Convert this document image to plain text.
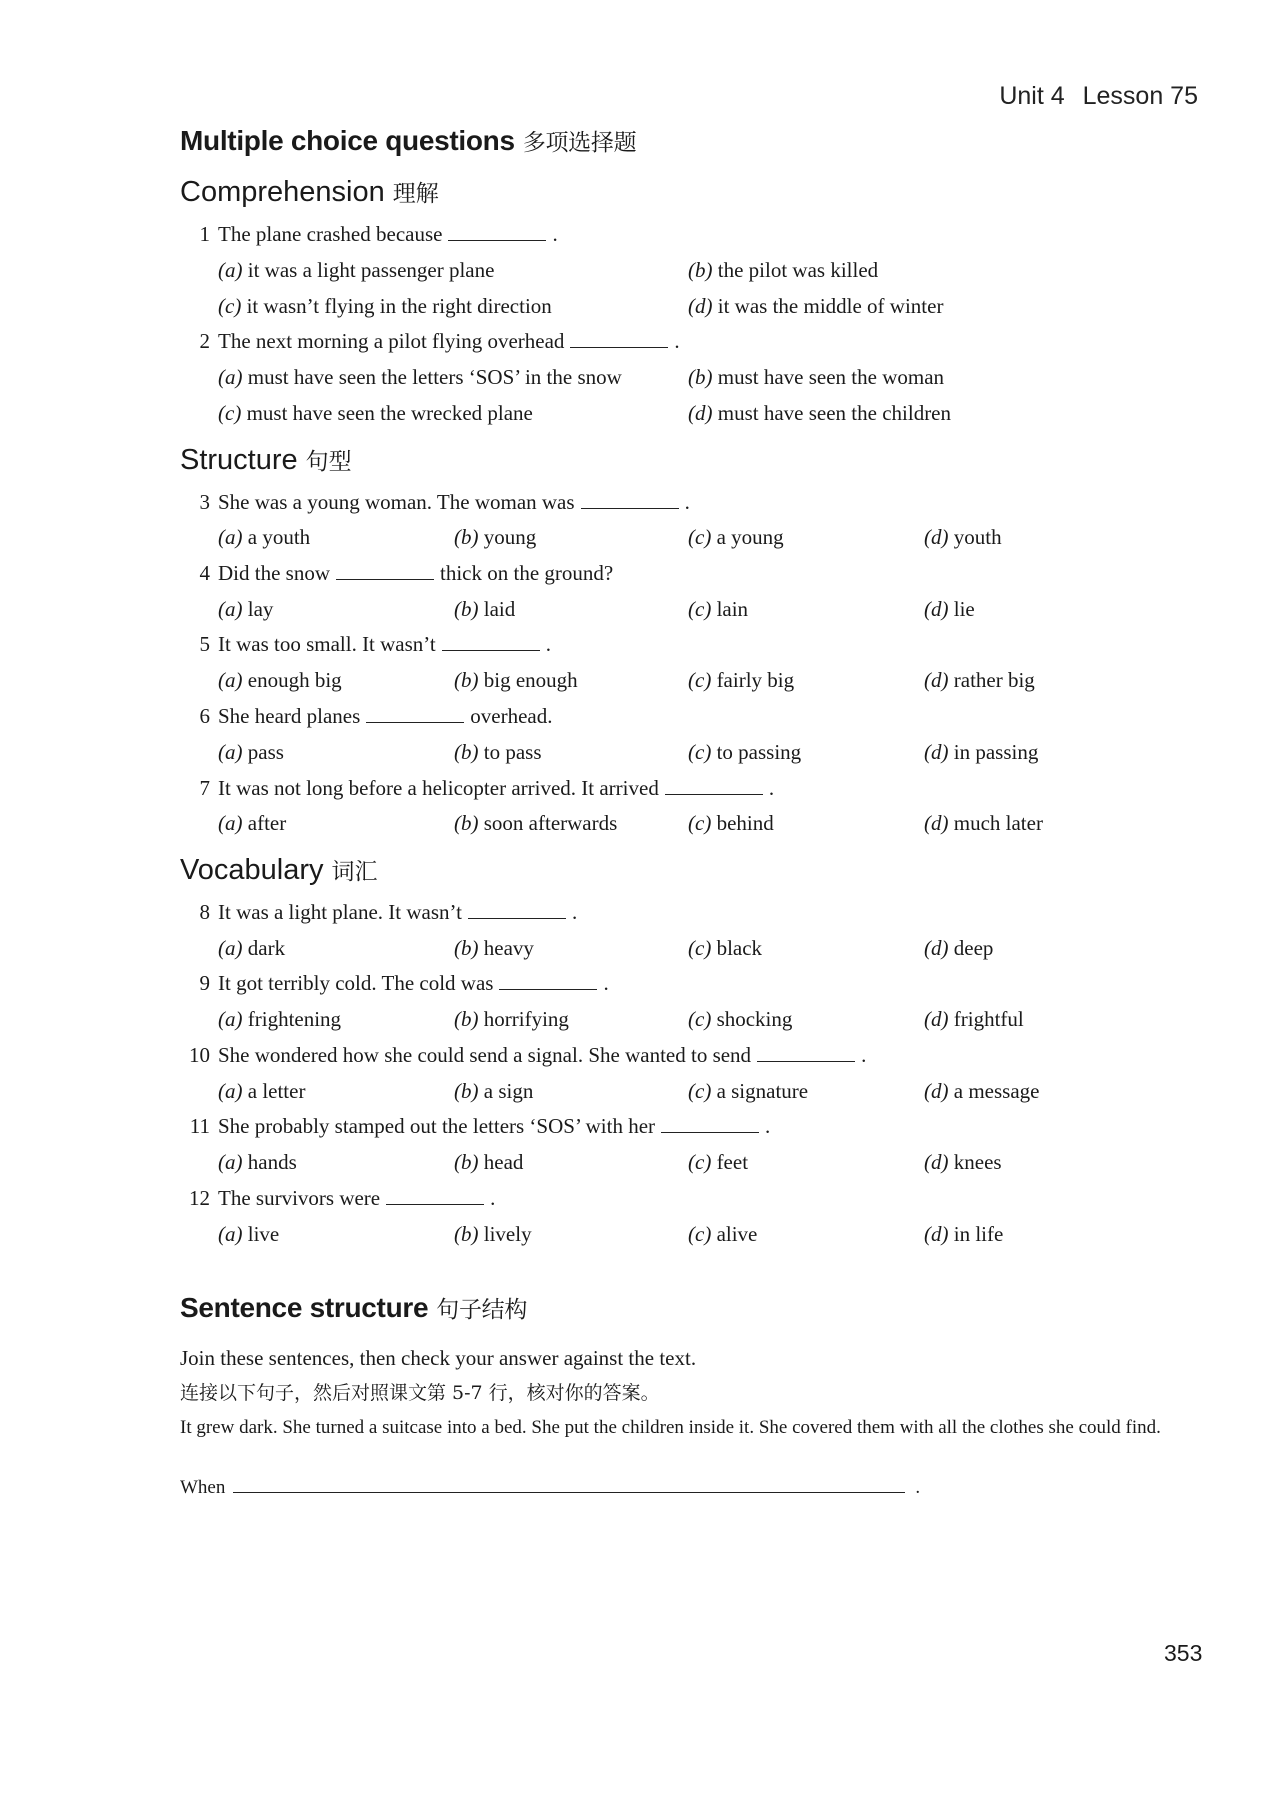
Unit 4 Lesson 75
Multiple choice questions 多项选择题
Comprehension 理解
1 The plane crashed because	.
(a) it was a light passenger plane	(b) the pilot was killed
(c) it wasn’t flying in the right direction	(d) it was the middle of winter
2 The next morning a pilot flying overhead	.
(a) must have seen the letters ‘SOS’ in the snow	(b) must have seen the woman
(c) must have seen the wrecked plane	(d) must have seen the children
Structure 句型
3 She was a young woman. The woman was	.
(a) a youth	(b) young	(c) a young	(d) youth
4 Did the snow	thick on the ground?
(a) lay	(b) laid	(c) lain	(d) lie
5 It was too small. It wasn’t	.
(a) enough big	(b) big enough	(c) fairly big	(d) rather big
6 She heard planes	overhead.
(a) pass	(b) to pass	(c) to passing	(d) in passing
7 It was not long before a helicopter arrived. It arrived	.
(a) after	(b) soon afterwards	(c) behind	(d) much later
Vocabulary 词汇
8 It was a light plane. It wasn’t	.
(a) dark	(b) heavy	(c) black	(d) deep
9 It got terribly cold. The cold was	.
(a) frightening	(b) horrifying	(c) shocking	(d) frightful
10 She wondered how she could send a signal. She wanted to send	.
(a) a letter	(b) a sign	(c) a signature	(d) a message
11 She probably stamped out the letters ‘SOS’ with her	.
(a) hands	(b) head	(c) feet	(d) knees
12 The survivors were	.
(a) live	(b) lively	(c) alive	(d) in life
Sentence structure 句子结构
Join these sentences, then check your answer against the text.
连接以下句子，然后对照课文第 5-7 行，核对你的答案。
It grew dark. She turned a suitcase into a bed. She put the children inside it. She covered them with all the clothes she could find.
When	.
353
